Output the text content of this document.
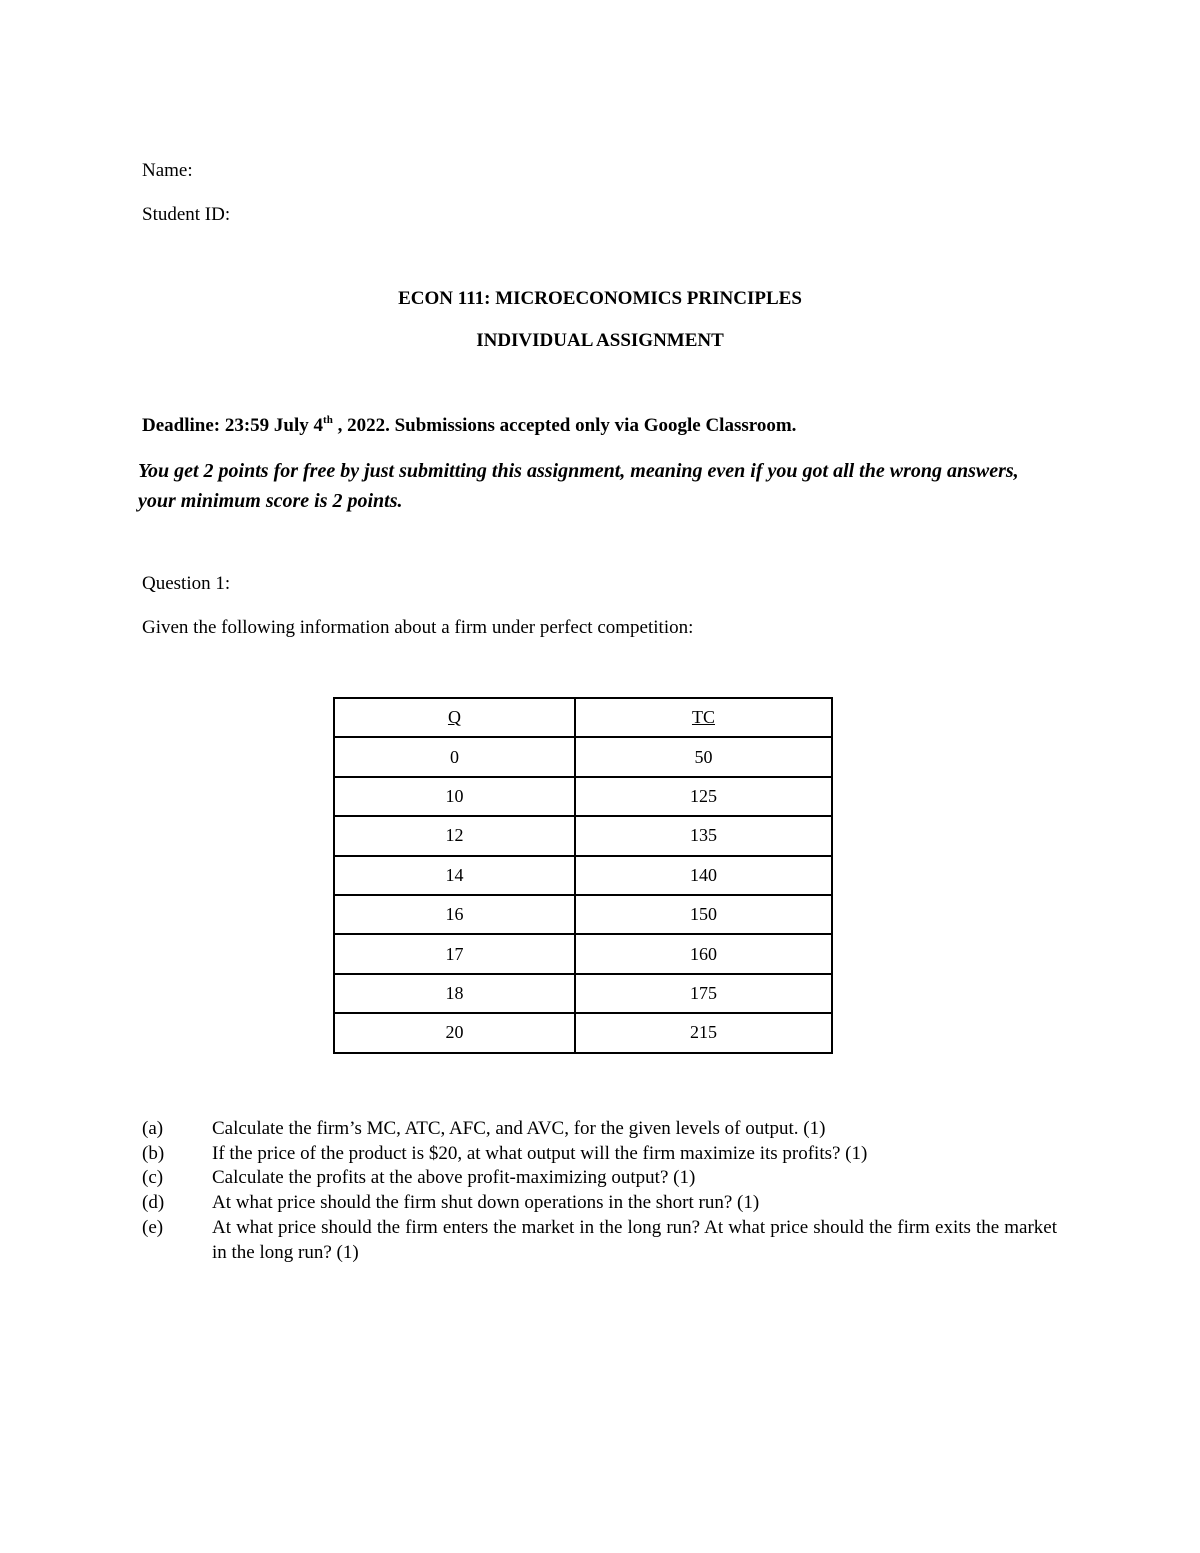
Name:
Student ID:
ECON 111: MICROECONOMICS PRINCIPLES
INDIVIDUAL ASSIGNMENT
Deadline: 23:59 July 4th , 2022. Submissions accepted only via Google Classroom.
You get 2 points for free by just submitting this assignment, meaning even if you got all the wrong answers, your minimum score is 2 points.
Question 1:
Given the following information about a firm under perfect competition:
Q	TC
0	50
10	125
12	135
14	140
16	150
17	160
18	175
20	215
(a)	Calculate the firm’s MC, ATC, AFC, and AVC, for the given levels of output. (1)
(b)	If the price of the product is $20, at what output will the firm maximize its profits? (1)
(c)	Calculate the profits at the above profit-maximizing output? (1)
(d)	At what price should the firm shut down operations in the short run? (1)
(e)	At what price should the firm enters the market in the long run? At what price should the firm exits the market in the long run? (1)
